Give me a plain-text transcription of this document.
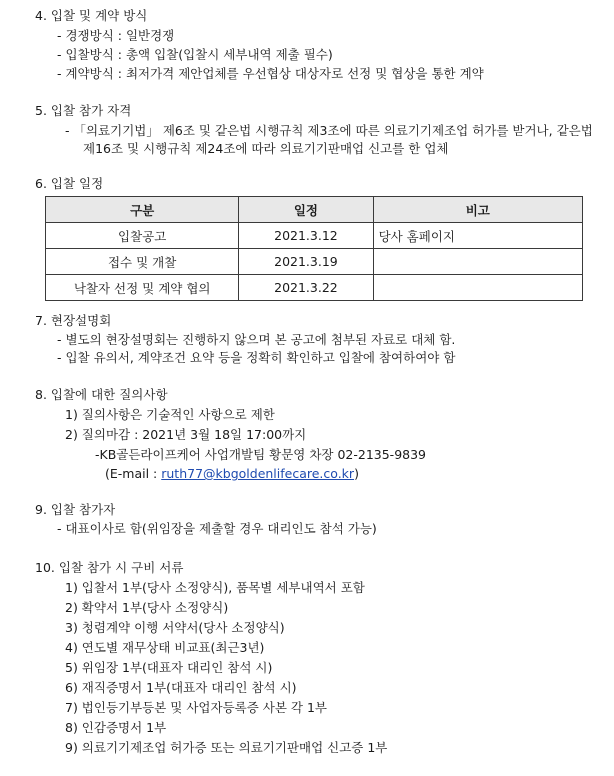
4. 입찰 및 계약 방식
- 경쟁방식 : 일반경쟁
- 입찰방식 : 총액 입찰(입찰시 세부내역 제출 필수)
- 계약방식 : 최저가격 제안업체를 우선협상 대상자로 선정 및 협상을 통한 계약
5. 입찰 참가 자격
- 「의료기기법」 제6조 및 같은법 시행규칙 제3조에 따른 의료기기제조업 허가를 받거나, 같은법
제16조 및 시행규칙 제24조에 따라 의료기기판매업 신고를 한 업체
6. 입찰 일정
구분	일정	비고
입찰공고	2021.3.12	당사 홈페이지
접수 및 개찰	2021.3.19	
낙찰자 선정 및 계약 협의	2021.3.22	
7. 현장설명회
- 별도의 현장설명회는 진행하지 않으며 본 공고에 첨부된 자료로 대체 함.
- 입찰 유의서, 계약조건 요약 등을 정확히 확인하고 입찰에 참여하여야 함
8. 입찰에 대한 질의사항
1) 질의사항은 기술적인 사항으로 제한
2) 질의마감 : 2021년 3월 18일 17:00까지
-KB골든라이프케어 사업개발팀 황문영 차장 02-2135-9839
(E-mail : ruth77@kbgoldenlifecare.co.kr)
9. 입찰 참가자
- 대표이사로 함(위임장을 제출할 경우 대리인도 참석 가능)
10. 입찰 참가 시 구비 서류
1) 입찰서 1부(당사 소정양식), 품목별 세부내역서 포함
2) 확약서 1부(당사 소정양식)
3) 청렴계약 이행 서약서(당사 소정양식)
4) 연도별 재무상태 비교표(최근3년)
5) 위임장 1부(대표자 대리인 참석 시)
6) 재직증명서 1부(대표자 대리인 참석 시)
7) 법인등기부등본 및 사업자등록증 사본 각 1부
8) 인감증명서 1부
9) 의료기기제조업 허가증 또는 의료기기판매업 신고증 1부
